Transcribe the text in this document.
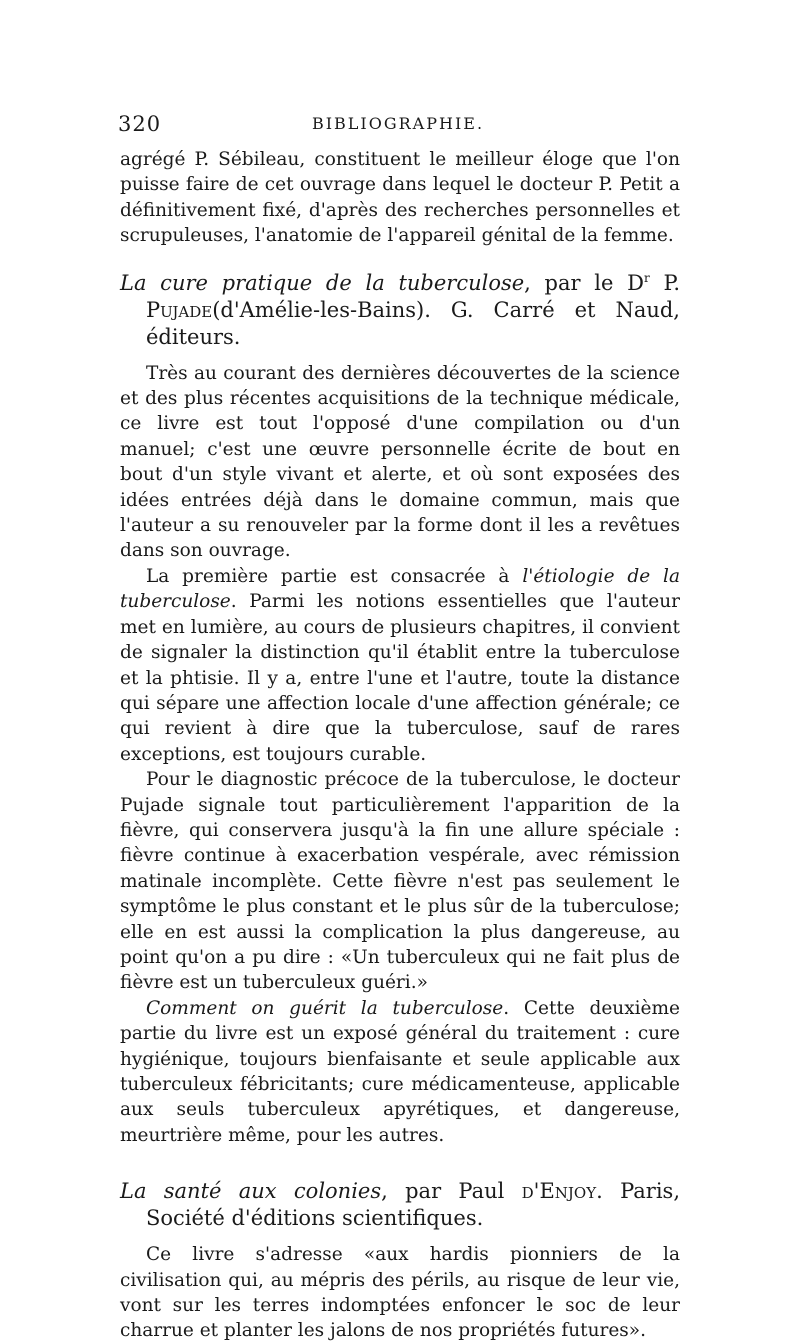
320	BIBLIOGRAPHIE.

agrégé P. Sébileau, constituent le meilleur éloge que l'on puisse faire de cet ouvrage dans lequel le docteur P. Petit a définitivement fixé, d'après des recherches personnelles et scrupuleuses, l'anatomie de l'appareil génital de la femme.

La cure pratique de la tuberculose, par le $D^r$ P. Pujade(d'Amélie-les-Bains). G. Carré et Naud, éditeurs.

Très au courant des dernières découvertes de la science et des plus récentes acquisitions de la technique médicale, ce livre est tout l'opposé d'une compilation ou d'un manuel; c'est une œuvre personnelle écrite de bout en bout d'un style vivant et alerte, et où sont exposées des idées entrées déjà dans le domaine commun, mais que l'auteur a su renouveler par la forme dont il les a revêtues dans son ouvrage.

La première partie est consacrée à l'étiologie de la tuberculose. Parmi les notions essentielles que l'auteur met en lumière, au cours de plusieurs chapitres, il convient de signaler la distinction qu'il établit entre la tuberculose et la phtisie. Il y a, entre l'une et l'autre, toute la distance qui sépare une affection locale d'une affection générale; ce qui revient à dire que la tuberculose, sauf de rares exceptions, est toujours curable.

Pour le diagnostic précoce de la tuberculose, le docteur Pujade signale tout particulièrement l'apparition de la fièvre, qui conservera jusqu'à la fin une allure spéciale : fièvre continue à exacerbation vespérale, avec rémission matinale incomplète. Cette fièvre n'est pas seulement le symptôme le plus constant et le plus sûr de la tuberculose; elle en est aussi la complication la plus dangereuse, au point qu'on a pu dire : «Un tuberculeux qui ne fait plus de fièvre est un tuberculeux guéri.»

Comment on guérit la tuberculose. Cette deuxième partie du livre est un exposé général du traitement : cure hygiénique, toujours bienfaisante et seule applicable aux tuberculeux fébricitants; cure médicamenteuse, applicable aux seuls tuberculeux apyrétiques, et dangereuse, meurtrière même, pour les autres.

La santé aux colonies, par Paul d'Enjoy. Paris, Société d'éditions scientifiques.

Ce livre s'adresse «aux hardis pionniers de la civilisation qui, au mépris des périls, au risque de leur vie, vont sur les terres indomptées enfoncer le soc de leur charrue et planter les jalons de nos propriétés futures».
